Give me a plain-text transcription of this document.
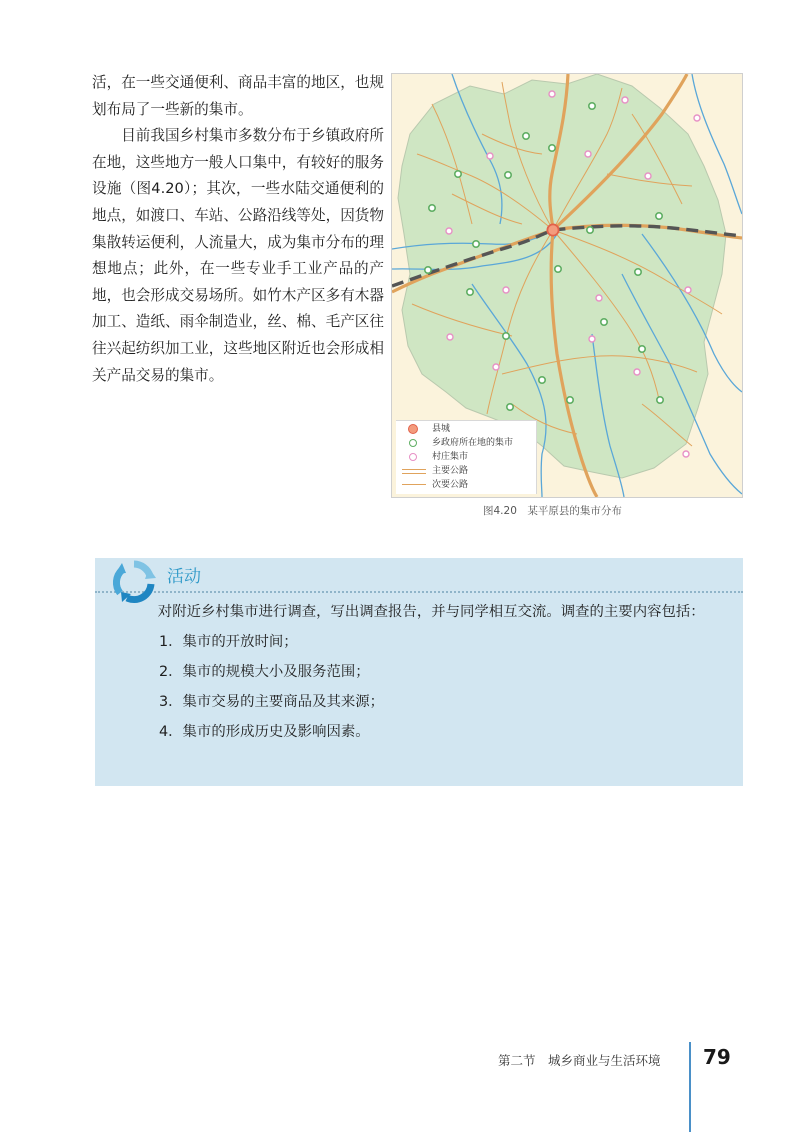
活，在一些交通便利、商品丰富的地区，也规划布局了一些新的集市。

目前我国乡村集市多数分布于乡镇政府所在地，这些地方一般人口集中，有较好的服务设施（图4.20）；其次，一些水陆交通便利的地点，如渡口、车站、公路沿线等处，因货物集散转运便利，人流量大，成为集市分布的理想地点；此外，在一些专业手工业产品的产地，也会形成交易场所。如竹木产区多有木器加工、造纸、雨伞制造业，丝、棉、毛产区往往兴起纺织加工业，这些地区附近也会形成相关产品交易的集市。

县城
乡政府所在地的集市
村庄集市
主要公路
次要公路
图4.20　某平原县的集市分布
活动

对附近乡村集市进行调查，写出调查报告，并与同学相互交流。调查的主要内容包括：

1．集市的开放时间；

2．集市的规模大小及服务范围；

3．集市交易的主要商品及其来源；

4．集市的形成历史及影响因素。

第二节　城乡商业与生活环境 79
